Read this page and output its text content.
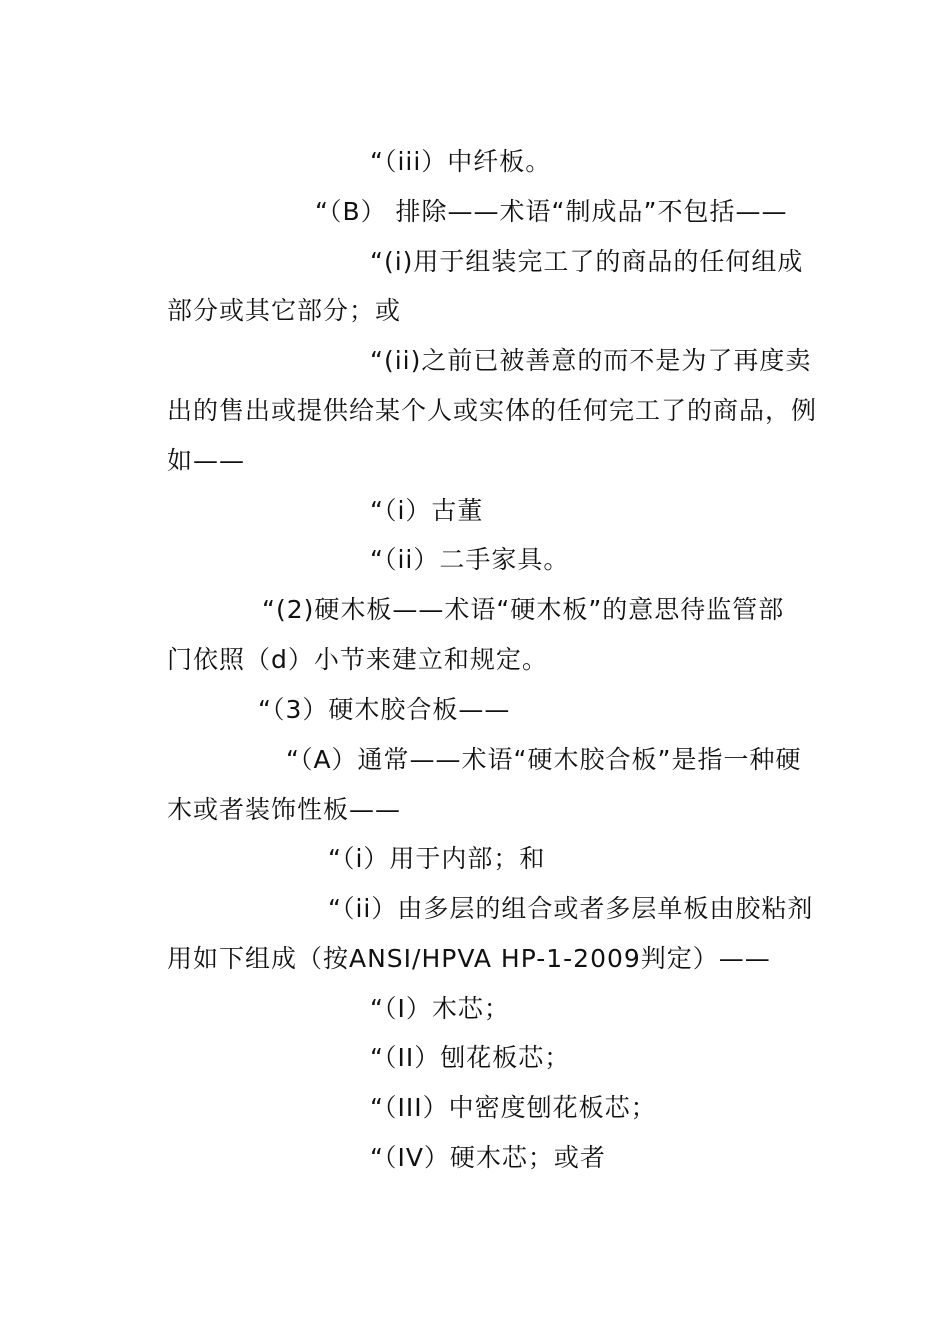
“（iii）中纤板。
“（B） 排除——术语“制成品”不包括——
“(i)用于组装完工了的商品的任何组成
部分或其它部分；或
“(ii)之前已被善意的而不是为了再度卖
出的售出或提供给某个人或实体的任何完工了的商品，例
如——
“（i）古董
“（ii）二手家具。
“(2)硬木板——术语“硬木板”的意思待监管部
门依照（d）小节来建立和规定。
“（3）硬木胶合板——
“（A）通常——术语“硬木胶合板”是指一种硬
木或者装饰性板——
“（i）用于内部；和
“（ii）由多层的组合或者多层单板由胶粘剂
用如下组成（按ANSI/HPVA HP-1-2009判定）——
“（I）木芯；
“（II）刨花板芯；
“（III）中密度刨花板芯；
“（IV）硬木芯；或者
